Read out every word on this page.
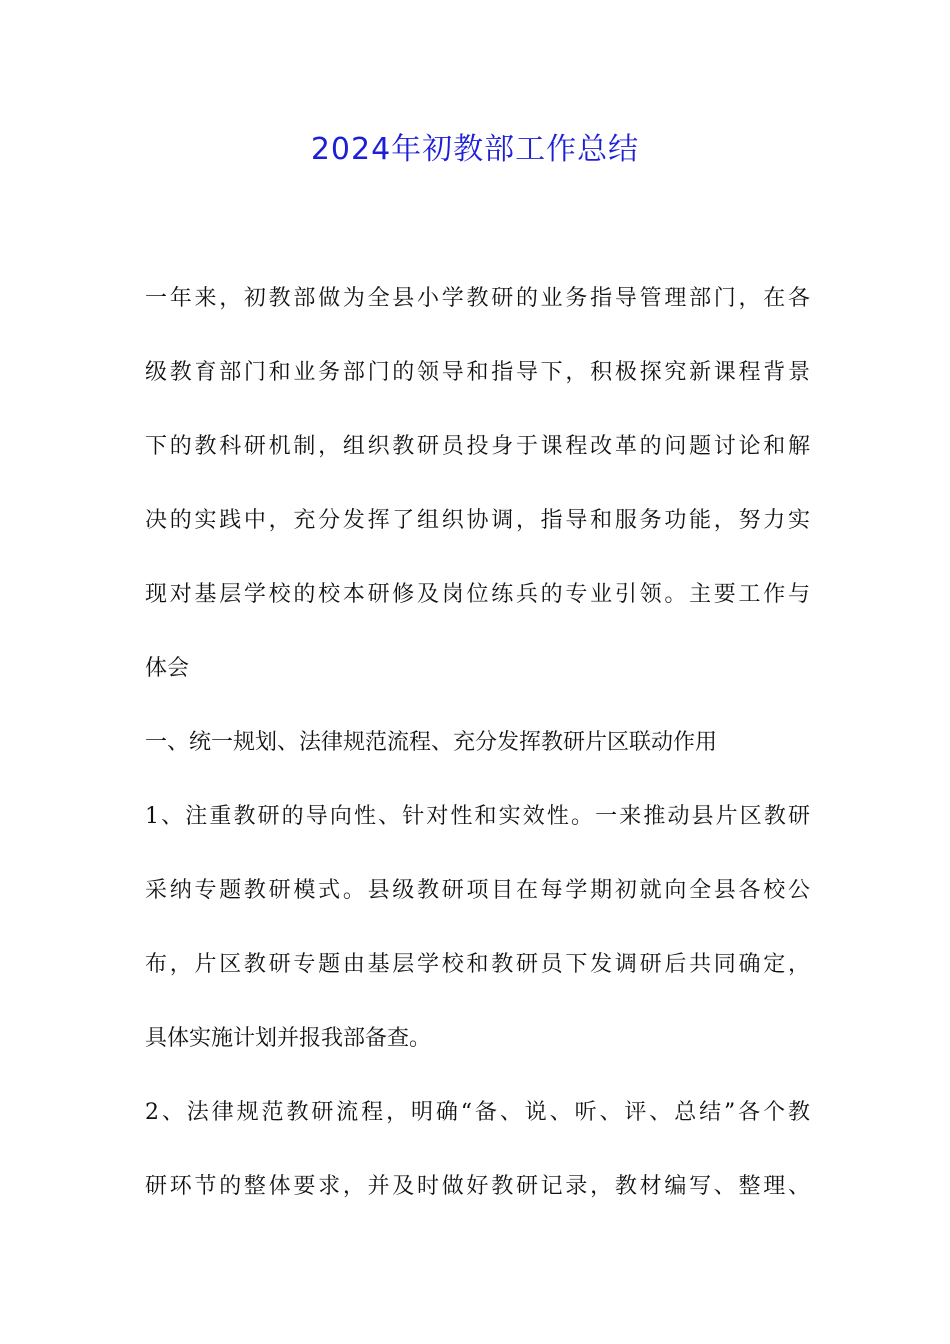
2024年初教部工作总结
一年来，初教部做为全县小学教研的业务指导管理部门，在各
级教育部门和业务部门的领导和指导下，积极探究新课程背景
下的教科研机制，组织教研员投身于课程改革的问题讨论和解
决的实践中，充分发挥了组织协调，指导和服务功能，努力实
现对基层学校的校本研修及岗位练兵的专业引领。主要工作与
体会
一、统一规划、法律规范流程、充分发挥教研片区联动作用
1、注重教研的导向性、针对性和实效性。一来推动县片区教研
采纳专题教研模式。县级教研项目在每学期初就向全县各校公
布，片区教研专题由基层学校和教研员下发调研后共同确定，
具体实施计划并报我部备查。
2、法律规范教研流程，明确“备、说、听、评、总结”各个教
研环节的整体要求，并及时做好教研记录，教材编写、整理、
